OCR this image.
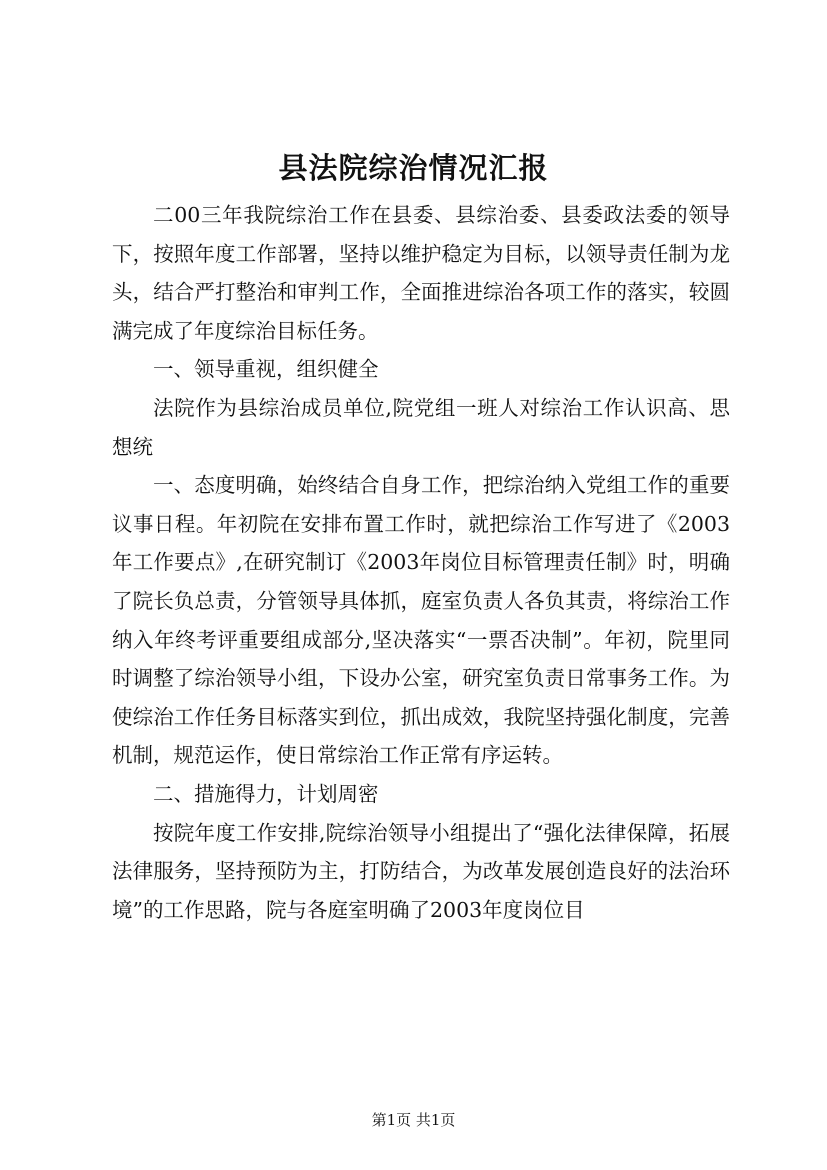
县法院综治情况汇报

二00三年我院综治工作在县委、县综治委、县委政法委的领导下，按照年度工作部署，坚持以维护稳定为目标，以领导责任制为龙头，结合严打整治和审判工作，全面推进综治各项工作的落实，较圆满完成了年度综治目标任务。

一、领导重视，组织健全

法院作为县综治成员单位,院党组一班人对综治工作认识高、思想统

一、态度明确，始终结合自身工作，把综治纳入党组工作的重要议事日程。年初院在安排布置工作时，就把综治工作写进了《2003年工作要点》,在研究制订《2003年岗位目标管理责任制》时，明确了院长负总责，分管领导具体抓，庭室负责人各负其责，将综治工作纳入年终考评重要组成部分,坚决落实“一票否决制”。年初，院里同时调整了综治领导小组，下设办公室，研究室负责日常事务工作。为使综治工作任务目标落实到位，抓出成效，我院坚持强化制度，完善机制，规范运作，使日常综治工作正常有序运转。

二、措施得力，计划周密

按院年度工作安排,院综治领导小组提出了“强化法律保障，拓展法律服务，坚持预防为主，打防结合，为改革发展创造良好的法治环境”的工作思路，院与各庭室明确了2003年度岗位目

第1页 共1页
